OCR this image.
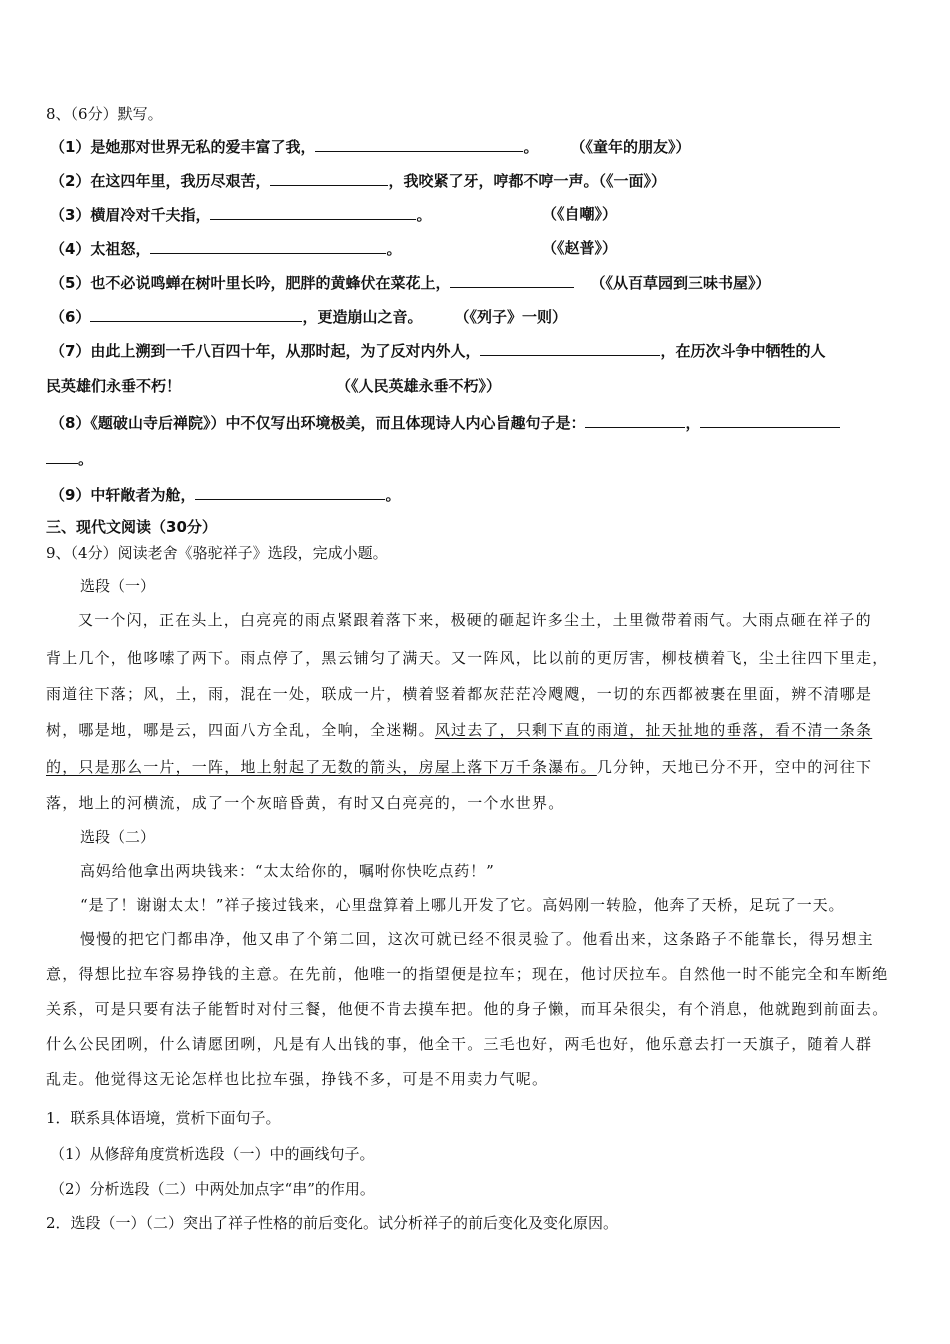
8、（6分）默写。
（1）是她那对世界无私的爱丰富了我，	。 （《童年的朋友》）
（2）在这四年里，我历尽艰苦，	，我咬紧了牙，哼都不哼一声。（《一面》）
（3）横眉冷对千夫指，	。	（《自嘲》）
（4）太祖怒，	。	（《赵普》）
（5）也不必说鸣蝉在树叶里长吟，肥胖的黄蜂伏在菜花上，	（《从百草园到三味书屋》）
（6）	，更造崩山之音。 （《列子》一则）
（7）由此上溯到一千八百四十年，从那时起，为了反对内外人，	，在历次斗争中牺牲的人
民英雄们永垂不朽！	（《人民英雄永垂不朽》）
（8）《题破山寺后禅院》）中不仅写出环境极美，而且体现诗人内心旨趣句子是：	，
。
（9）中轩敞者为舱，	。
三、现代文阅读（30分）
9、（4分）阅读老舍《骆驼祥子》选段，完成小题。
选段（一）
又一个闪，正在头上，白亮亮的雨点紧跟着落下来，极硬的砸起许多尘土，土里微带着雨气。大雨点砸在祥子的
背上几个，他哆嗦了两下。雨点停了，黑云铺匀了满天。又一阵风，比以前的更厉害，柳枝横着飞，尘土往四下里走，
雨道往下落；风，土，雨，混在一处，联成一片，横着竖着都灰茫茫冷飕飕，一切的东西都被裹在里面，辨不清哪是
树，哪是地，哪是云，四面八方全乱，全响，全迷糊。风过去了，只剩下直的雨道，扯天扯地的垂落，看不清一条条
的，只是那么一片，一阵，地上射起了无数的箭头，房屋上落下万千条瀑布。几分钟，天地已分不开，空中的河往下
落，地上的河横流，成了一个灰暗昏黄，有时又白亮亮的，一个水世界。
选段（二）
高妈给他拿出两块钱来：“太太给你的，嘱咐你快吃点药！”
“是了！谢谢太太！”祥子接过钱来，心里盘算着上哪儿开发了它。高妈刚一转脸，他奔了天桥，足玩了一天。
慢慢的把它门都串净，他又串了个第二回，这次可就已经不很灵验了。他看出来，这条路子不能靠长，得另想主
意，得想比拉车容易挣钱的主意。在先前，他唯一的指望便是拉车；现在，他讨厌拉车。自然他一时不能完全和车断绝
关系，可是只要有法子能暂时对付三餐，他便不肯去摸车把。他的身子懒，而耳朵很尖，有个消息，他就跑到前面去。
什么公民团咧，什么请愿团咧，凡是有人出钱的事，他全干。三毛也好，两毛也好，他乐意去打一天旗子，随着人群
乱走。他觉得这无论怎样也比拉车强，挣钱不多，可是不用卖力气呢。
1．联系具体语境，赏析下面句子。
（1）从修辞角度赏析选段（一）中的画线句子。
（2）分析选段（二）中两处加点字“串”的作用。
2．选段（一）（二）突出了祥子性格的前后变化。试分析祥子的前后变化及变化原因。
